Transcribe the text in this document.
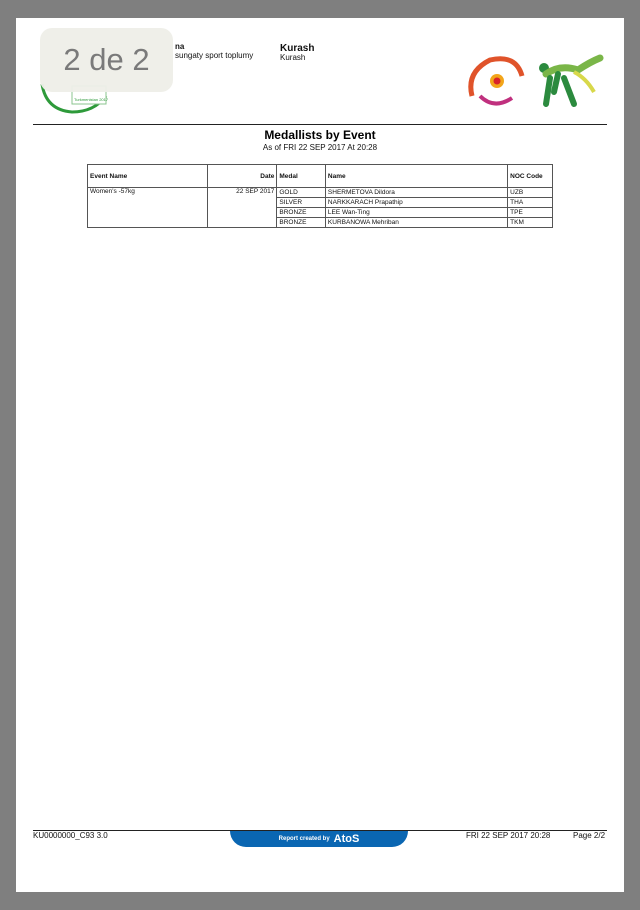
2 de 2
Turkmenistan 2017
na
sungaty sport toplumy
Kurash
Kurash
Medallists by Event
As of FRI 22 SEP 2017 At 20:28
Event Name	Date	Medal	Name	NOC Code
Women's -57kg	22 SEP 2017	GOLD	SHERMETOVA Dildora	UZB
		SILVER	NARKKARACH Prapathip	THA
		BRONZE	LEE Wan-Ting	TPE
		BRONZE	KURBANOWA Mehriban	TKM
KU0000000_C93 3.0	Report created by AtoS	FRI 22 SEP 2017 20:28	Page 2/2
